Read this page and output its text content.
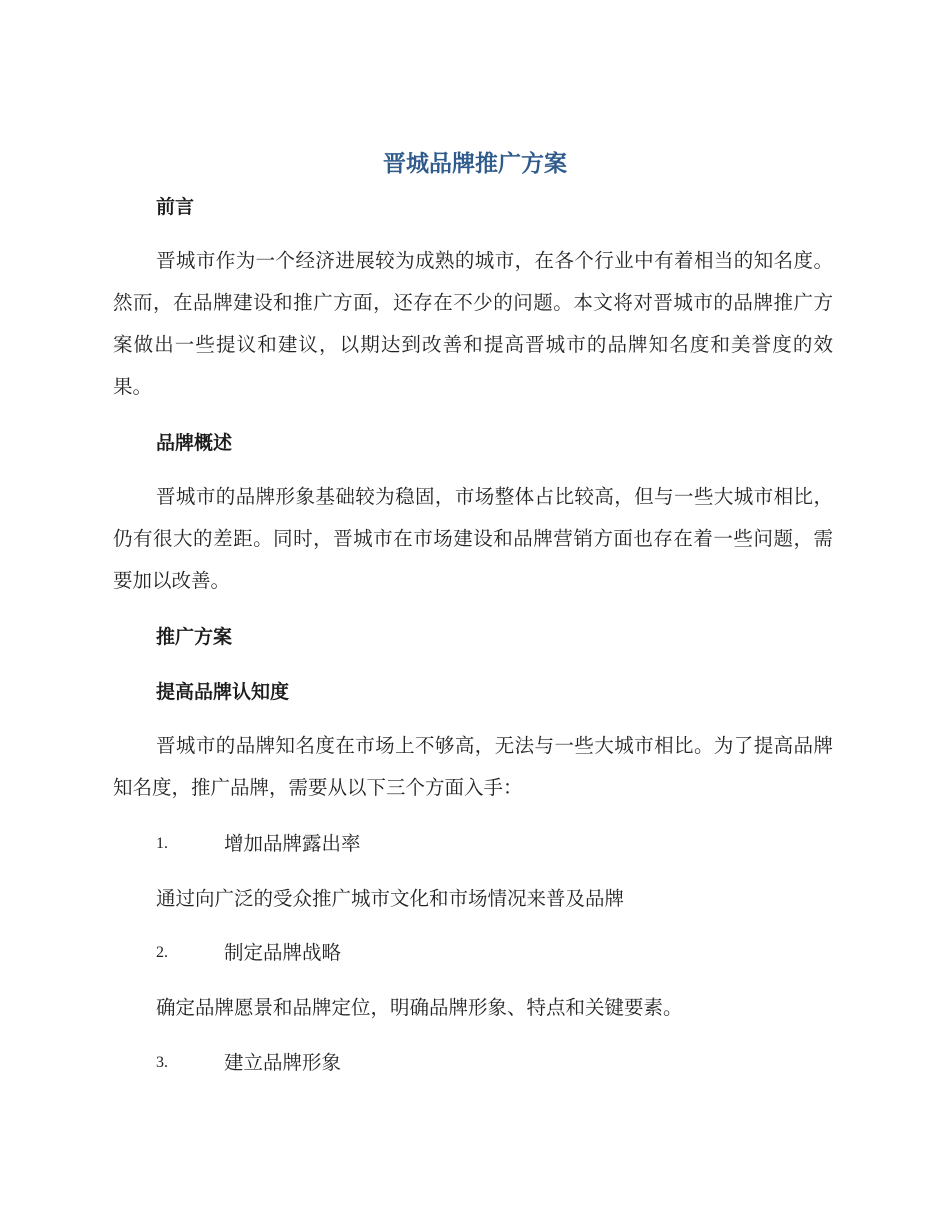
晋城品牌推广方案
前言

晋城市作为一个经济进展较为成熟的城市，在各个行业中有着相当的知名度。然而，在品牌建设和推广方面，还存在不少的问题。本文将对晋城市的品牌推广方案做出一些提议和建议，以期达到改善和提高晋城市的品牌知名度和美誉度的效果。

品牌概述

晋城市的品牌形象基础较为稳固，市场整体占比较高，但与一些大城市相比，仍有很大的差距。同时，晋城市在市场建设和品牌营销方面也存在着一些问题，需要加以改善。

推广方案
提高品牌认知度

晋城市的品牌知名度在市场上不够高，无法与一些大城市相比。为了提高品牌知名度，推广品牌，需要从以下三个方面入手：

1.	增加品牌露出率

通过向广泛的受众推广城市文化和市场情况来普及品牌

2.	制定品牌战略

确定品牌愿景和品牌定位，明确品牌形象、特点和关键要素。

3.	建立品牌形象
